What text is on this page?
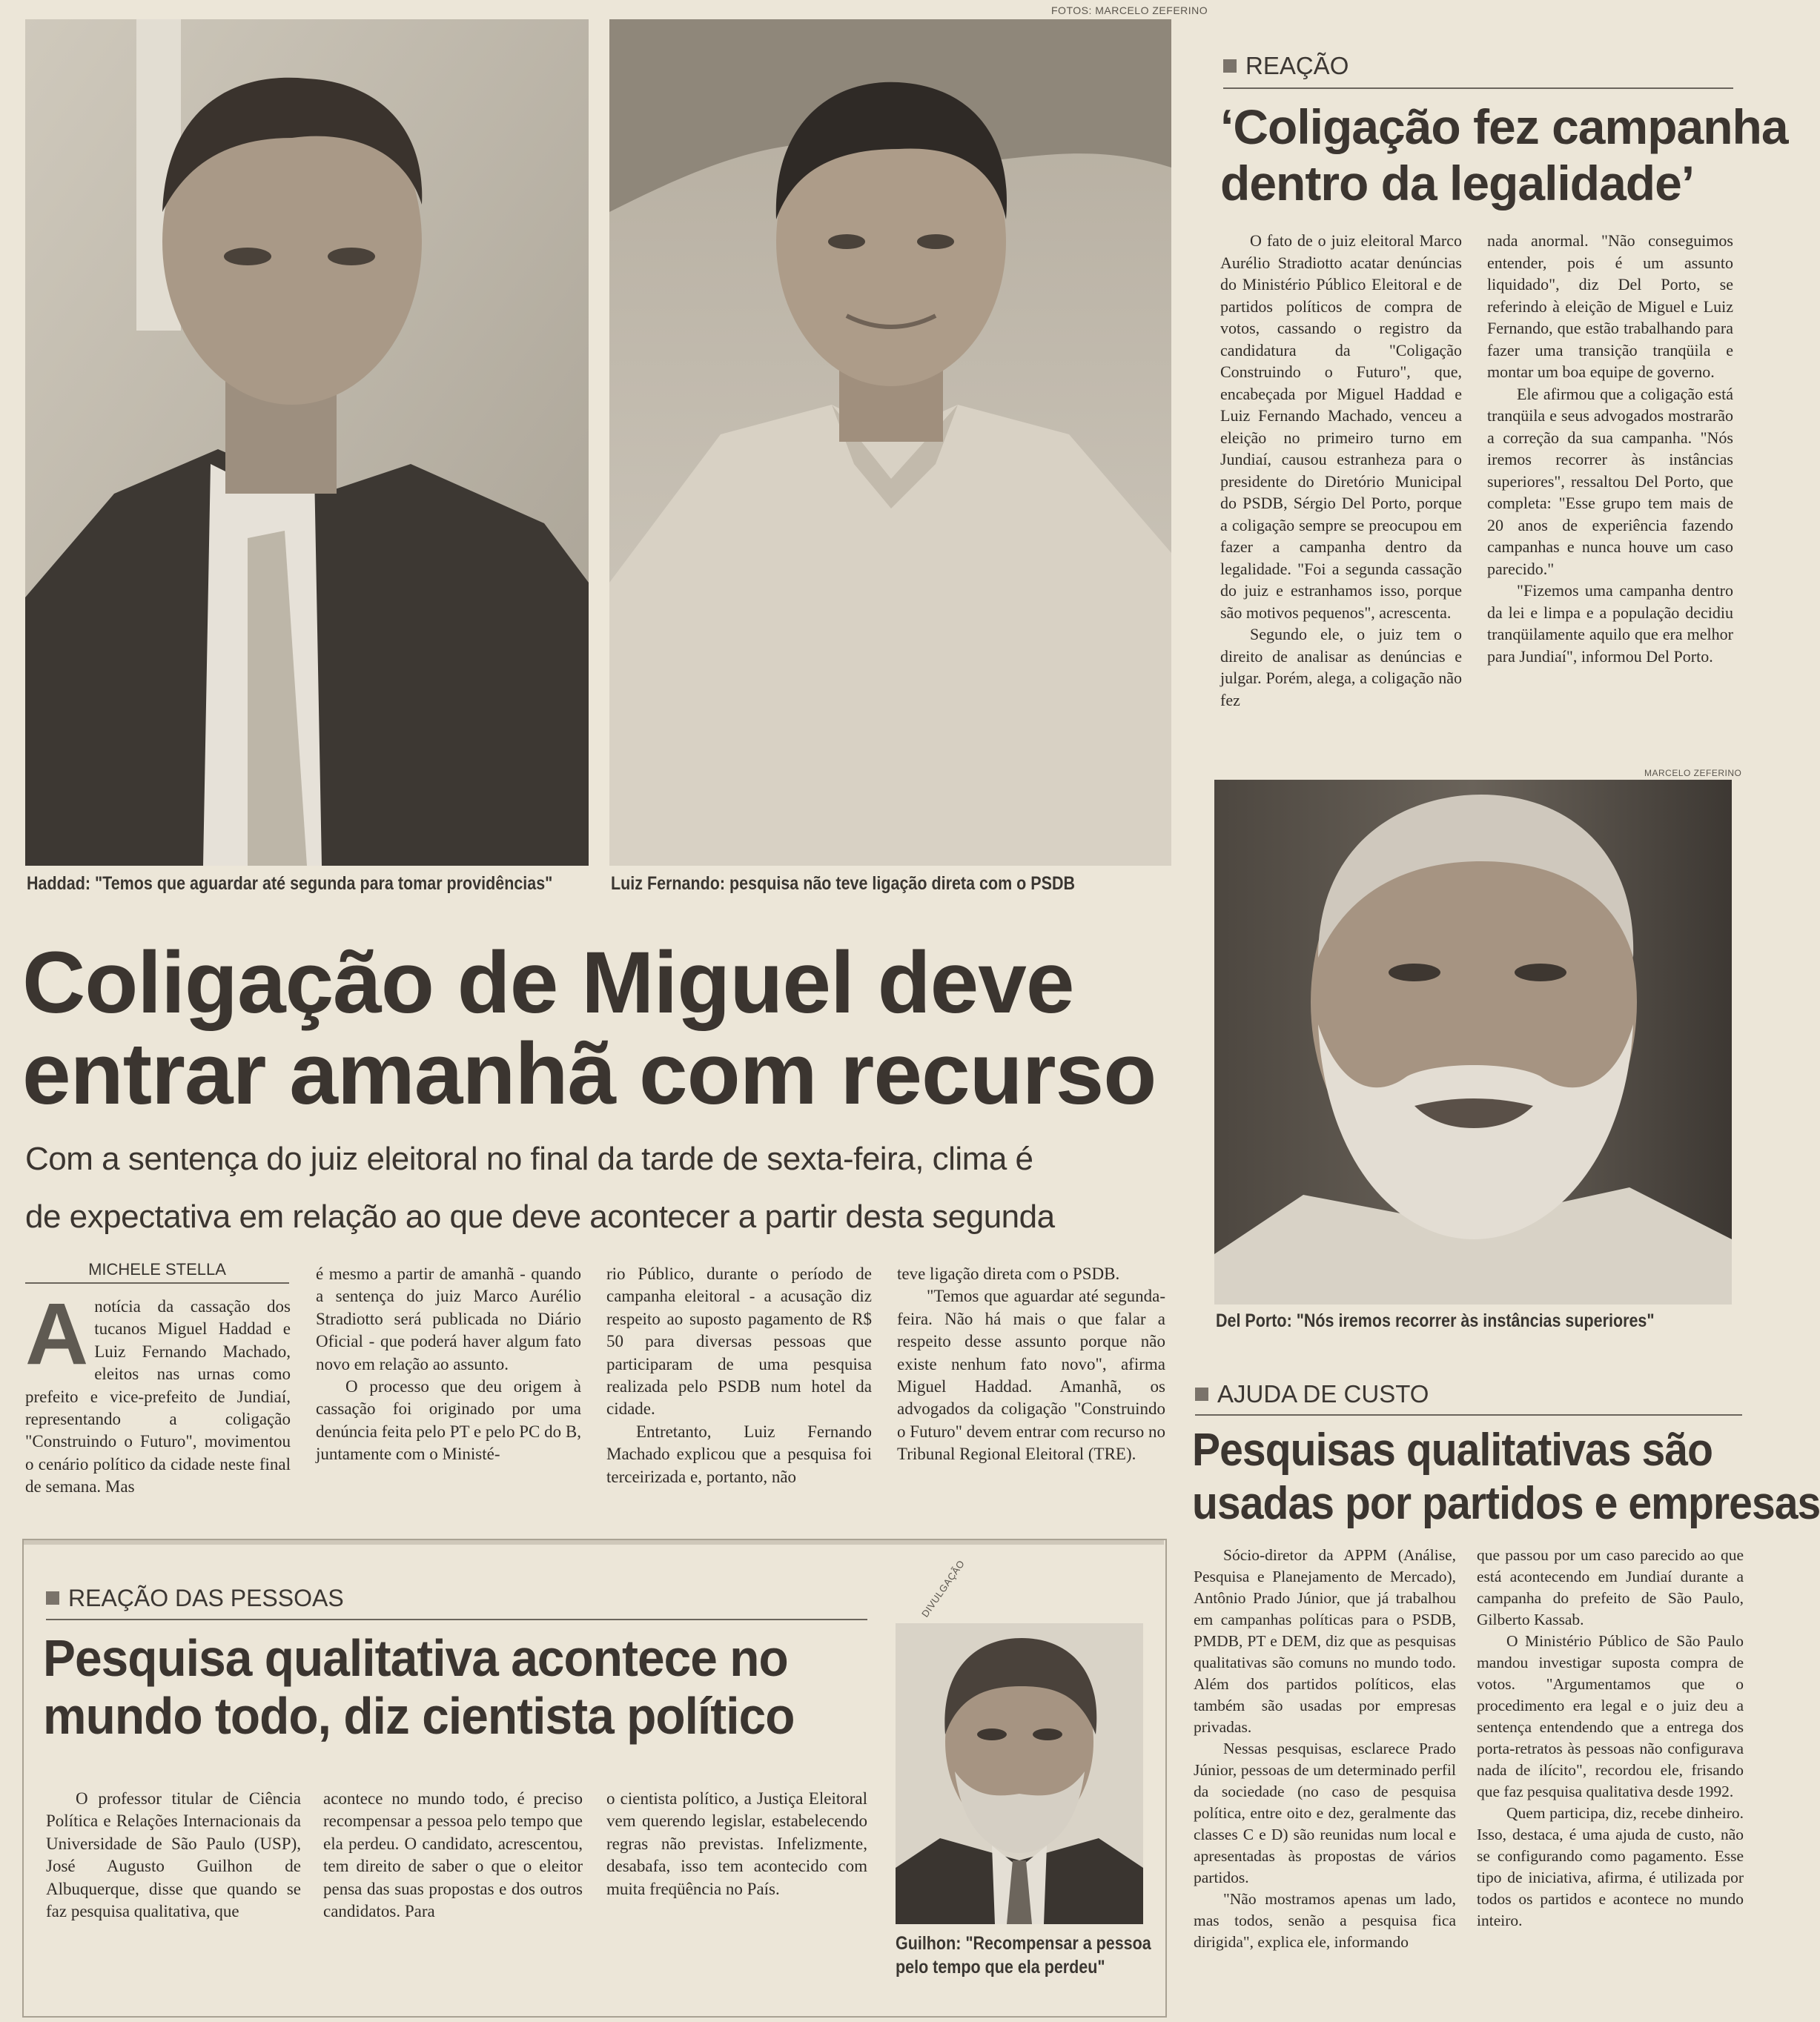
FOTOS: MARCELO ZEFERINO
Haddad: "Temos que aguardar até segunda para tomar providências"	Luiz Fernando: pesquisa não teve ligação direta com o PSDB
Coligação de Miguel deve
entrar amanhã com recurso
Com a sentença do juiz eleitoral no final da tarde de sexta-feira, clima é
de expectativa em relação ao que deve acontecer a partir desta segunda
MICHELE STELLA
A notícia da cassação dos tucanos Miguel Haddad e Luiz Fernando Machado, eleitos nas urnas como prefeito e vice-prefeito de Jundiaí, representando a coligação "Construindo o Futuro", movimentou o cenário político da cidade neste final de semana. Mas

é mesmo a partir de amanhã - quando a sentença do juiz Marco Aurélio Stradiotto será publicada no Diário Oficial - que poderá haver algum fato novo em relação ao assunto.

O processo que deu origem à cassação foi originado por uma denúncia feita pelo PT e pelo PC do B, juntamente com o Ministé-

rio Público, durante o período de campanha eleitoral - a acusação diz respeito ao suposto pagamento de R$ 50 para diversas pessoas que participaram de uma pesquisa realizada pelo PSDB num hotel da cidade.

Entretanto, Luiz Fernando Machado explicou que a pesquisa foi terceirizada e, portanto, não

teve ligação direta com o PSDB.

"Temos que aguardar até segunda-feira. Não há mais o que falar a respeito desse assunto porque não existe nenhum fato novo", afirma Miguel Haddad. Amanhã, os advogados da coligação "Construindo o Futuro" devem entrar com recurso no Tribunal Regional Eleitoral (TRE).

REAÇÃO
‘Coligação fez campanha
dentro da legalidade’

O fato de o juiz eleitoral Marco Aurélio Stradiotto acatar denúncias do Ministério Público Eleitoral e de partidos políticos de compra de votos, cassando o registro da candidatura da "Coligação Construindo o Futuro", que, encabeçada por Miguel Haddad e Luiz Fernando Machado, venceu a eleição no primeiro turno em Jundiaí, causou estranheza para o presidente do Diretório Municipal do PSDB, Sérgio Del Porto, porque a coligação sempre se preocupou em fazer a campanha dentro da legalidade. "Foi a segunda cassação do juiz e estranhamos isso, porque são motivos pequenos", acrescenta.

Segundo ele, o juiz tem o direito de analisar as denúncias e julgar. Porém, alega, a coligação não fez

nada anormal. "Não conseguimos entender, pois é um assunto liquidado", diz Del Porto, se referindo à eleição de Miguel e Luiz Fernando, que estão trabalhando para fazer uma transição tranqüila e montar um boa equipe de governo.

Ele afirmou que a coligação está tranqüila e seus advogados mostrarão a correção da sua campanha. "Nós iremos recorrer às instâncias superiores", ressaltou Del Porto, que completa: "Esse grupo tem mais de 20 anos de experiência fazendo campanhas e nunca houve um caso parecido."

"Fizemos uma campanha dentro da lei e limpa e a população decidiu tranqüilamente aquilo que era melhor para Jundiaí", informou Del Porto.

MARCELO ZEFERINO
Del Porto: "Nós iremos recorrer às instâncias superiores"
AJUDA DE CUSTO
Pesquisas qualitativas são
usadas por partidos e empresas

Sócio-diretor da APPM (Análise, Pesquisa e Planejamento de Mercado), Antônio Prado Júnior, que já trabalhou em campanhas políticas para o PSDB, PMDB, PT e DEM, diz que as pesquisas qualitativas são comuns no mundo todo. Além dos partidos políticos, elas também são usadas por empresas privadas.

Nessas pesquisas, esclarece Prado Júnior, pessoas de um determinado perfil da sociedade (no caso de pesquisa política, entre oito e dez, geralmente das classes C e D) são reunidas num local e apresentadas às propostas de vários partidos.

"Não mostramos apenas um lado, mas todos, senão a pesquisa fica dirigida", explica ele, informando

que passou por um caso parecido ao que está acontecendo em Jundiaí durante a campanha do prefeito de São Paulo, Gilberto Kassab.

O Ministério Público de São Paulo mandou investigar suposta compra de votos. "Argumentamos que o procedimento era legal e o juiz deu a sentença entendendo que a entrega dos porta-retratos às pessoas não configurava nada de ilícito", recordou ele, frisando que faz pesquisa qualitativa desde 1992.

Quem participa, diz, recebe dinheiro. Isso, destaca, é uma ajuda de custo, não se configurando como pagamento. Esse tipo de iniciativa, afirma, é utilizada por todos os partidos e acontece no mundo inteiro.

REAÇÃO DAS PESSOAS
Pesquisa qualitativa acontece no
mundo todo, diz cientista político

O professor titular de Ciência Política e Relações Internacionais da Universidade de São Paulo (USP), José Augusto Guilhon de Albuquerque, disse que quando se faz pesquisa qualitativa, que

acontece no mundo todo, é preciso recompensar a pessoa pelo tempo que ela perdeu. O candidato, acrescentou, tem direito de saber o que o eleitor pensa das suas propostas e dos outros candidatos. Para

o cientista político, a Justiça Eleitoral vem querendo legislar, estabelecendo regras não previstas. Infelizmente, desabafa, isso tem acontecido com muita freqüência no País.

DIVULGAÇÃO
Guilhon: "Recompensar a pessoa
pelo tempo que ela perdeu"
